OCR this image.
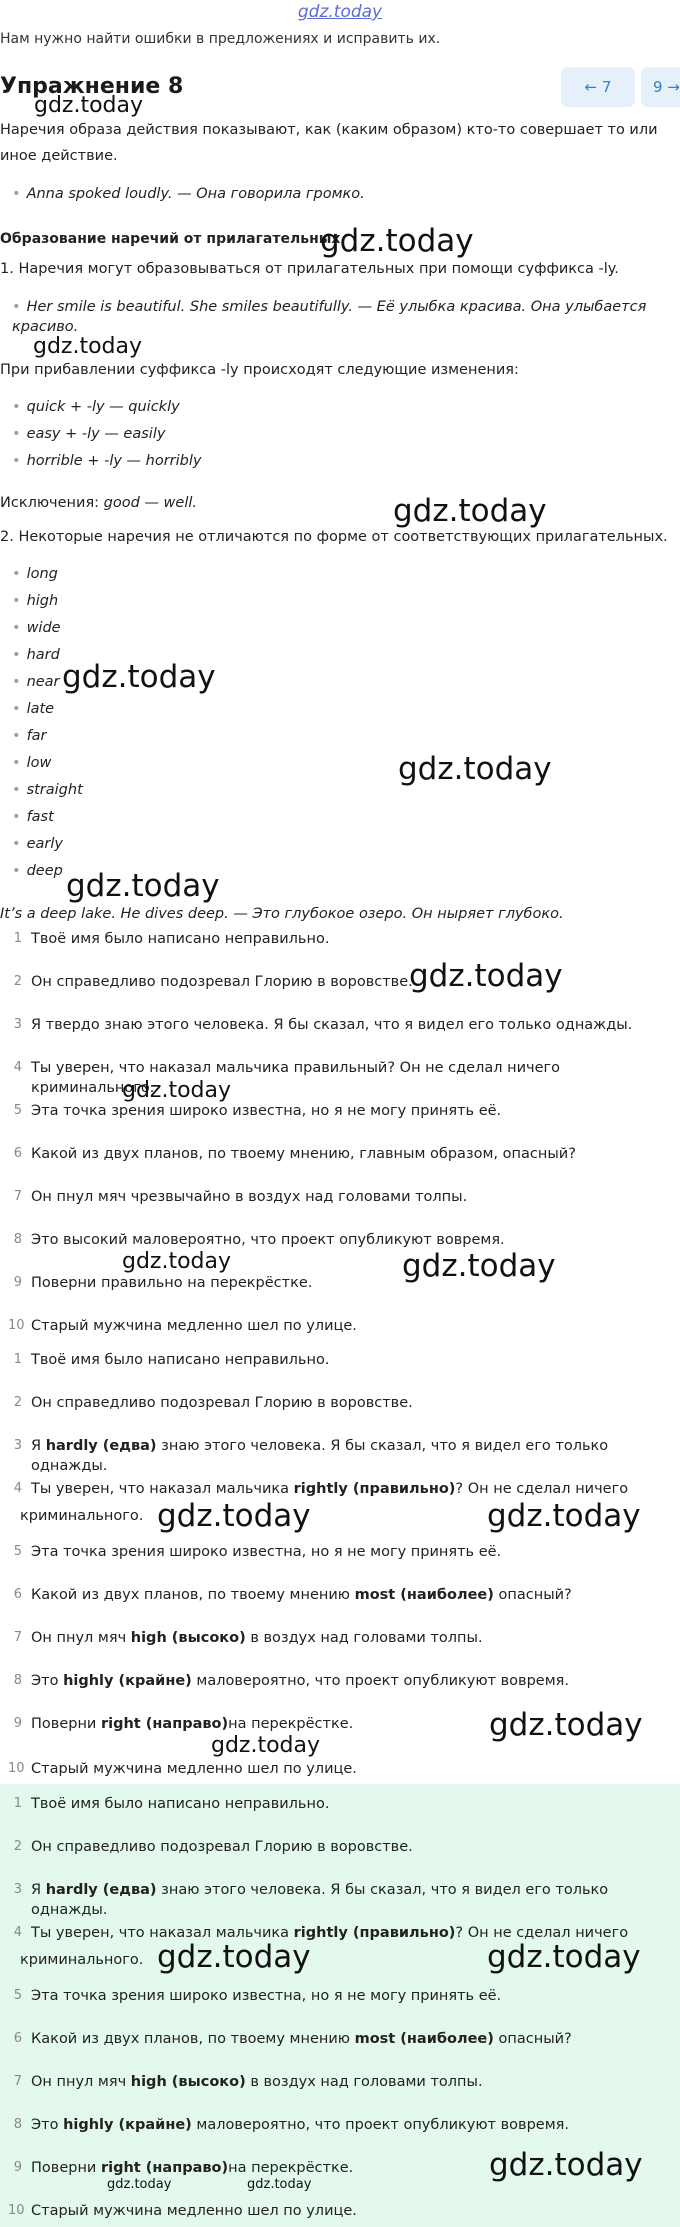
gdz.today
Нам нужно найти ошибки в предложениях и исправить их.
Упражнение 8	← 7	9 →
Наречия образа действия показывают, как (каким образом) кто-то совершает то или иное действие.
• Anna spoked loudly. — Она говорила громко.
Образование наречий от прилагательных
1. Наречия могут образовываться от прилагательных при помощи суффикса -ly.
• Her smile is beautiful. She smiles beautifully. — Её улыбка красива. Она улыбается красиво.
При прибавлении суффикса -ly происходят следующие изменения:
• quick + -ly — quickly
• easy + -ly — easily
• horrible + -ly — horribly
Исключения: good — well.
2. Некоторые наречия не отличаются по форме от соответствующих прилагательных.
• long
• high
• wide
• hard
• near
• late
• far
• low
• straight
• fast
• early
• deep
It’s a deep lake. He dives deep. — Это глубокое озеро. Он ныряет глубоко.
1 Твоё имя было написано неправильно.
2 Он справедливо подозревал Глорию в воровстве.
3 Я твердо знаю этого человека. Я бы сказал, что я видел его только однажды.
4 Ты уверен, что наказал мальчика правильный? Он не сделал ничего криминального.
5 Эта точка зрения широко известна, но я не могу принять её.
6 Какой из двух планов, по твоему мнению, главным образом, опасный?
7 Он пнул мяч чрезвычайно в воздух над головами толпы.
8 Это высокий маловероятно, что проект опубликуют вовремя.
9 Поверни правильно на перекрёстке.
10 Старый мужчина медленно шел по улице.
1 Твоё имя было написано неправильно.
2 Он справедливо подозревал Глорию в воровстве.
3 Я hardly (едва) знаю этого человека. Я бы сказал, что я видел его только однажды.
4 Ты уверен, что наказал мальчика rightly (правильно)? Он не сделал ничего
криминального.
5 Эта точка зрения широко известна, но я не могу принять её.
6 Какой из двух планов, по твоему мнению most (наиболее) опасный?
7 Он пнул мяч high (высоко) в воздух над головами толпы.
8 Это highly (крайне) маловероятно, что проект опубликуют вовремя.
9 Поверни right (направо)на перекрёстке.
10 Старый мужчина медленно шел по улице.
1 Твоё имя было написано неправильно.
2 Он справедливо подозревал Глорию в воровстве.
3 Я hardly (едва) знаю этого человека. Я бы сказал, что я видел его только однажды.
4 Ты уверен, что наказал мальчика rightly (правильно)? Он не сделал ничего
криминального.
5 Эта точка зрения широко известна, но я не могу принять её.
6 Какой из двух планов, по твоему мнению most (наиболее) опасный?
7 Он пнул мяч high (высоко) в воздух над головами толпы.
8 Это highly (крайне) маловероятно, что проект опубликуют вовремя.
9 Поверни right (направо)на перекрёстке.
10 Старый мужчина медленно шел по улице.
gdz.today
gdz.today
gdz.today
gdz.today
gdz.today
gdz.today
gdz.today
gdz.today
gdz.today
gdz.today	gdz.today
gdz.today	gdz.today
gdz.today
gdz.today
gdz.today	gdz.today
gdz.today
gdz.today	gdz.today
